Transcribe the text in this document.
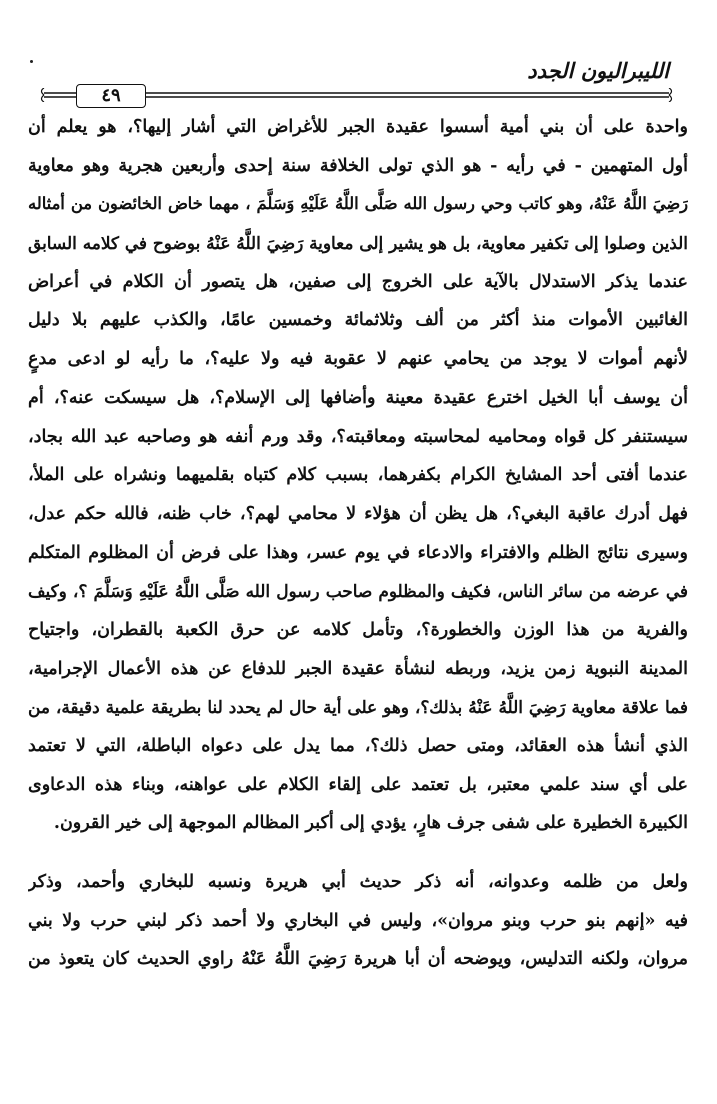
الليبراليون الجدد
٤٩
واحدة على أن بني أمية أسسوا عقيدة الجبر للأغراض التي أشار إليها؟، هو يعلم أن
أول المتهمين - في رأيه - هو الذي تولى الخلافة سنة إحدى وأربعين هجرية وهو معاوية
رَضِيَ اللَّهُ عَنْهُ، وهو كاتب وحي رسول الله صَلَّى اللَّهُ عَلَيْهِ وَسَلَّمَ ، مهما خاض الخائضون من أمثاله
الذين وصلوا إلى تكفير معاوية، بل هو يشير إلى معاوية رَضِيَ اللَّهُ عَنْهُ بوضوح في كلامه السابق
عندما يذكر الاستدلال بالآية على الخروج إلى صفين، هل يتصور أن الكلام في أعراض
الغائبين الأموات منذ أكثر من ألف وثلاثمائة وخمسين عامًا، والكذب عليهم بلا دليل
لأنهم أموات لا يوجد من يحامي عنهم لا عقوبة فيه ولا عليه؟، ما رأيه لو ادعى مدعٍ
أن يوسف أبا الخيل اخترع عقيدة معينة وأضافها إلى الإسلام؟، هل سيسكت عنه؟، أم
سيستنفر كل قواه ومحاميه لمحاسبته ومعاقبته؟، وقد ورم أنفه هو وصاحبه عبد الله بجاد،
عندما أفتى أحد المشايخ الكرام بكفرهما، بسبب كلام كتباه بقلميهما ونشراه على الملأ،
فهل أدرك عاقبة البغي؟، هل يظن أن هؤلاء لا محامي لهم؟، خاب ظنه، فالله حكم عدل،
وسيرى نتائج الظلم والافتراء والادعاء في يوم عسر، وهذا على فرض أن المظلوم المتكلم
في عرضه من سائر الناس، فكيف والمظلوم صاحب رسول الله صَلَّى اللَّهُ عَلَيْهِ وَسَلَّمَ ؟، وكيف
والفرية من هذا الوزن والخطورة؟، وتأمل كلامه عن حرق الكعبة بالقطران، واجتياح
المدينة النبوية زمن يزيد، وربطه لنشأة عقيدة الجبر للدفاع عن هذه الأعمال الإجرامية،
فما علاقة معاوية رَضِيَ اللَّهُ عَنْهُ بذلك؟، وهو على أية حال لم يحدد لنا بطريقة علمية دقيقة، من
الذي أنشأ هذه العقائد، ومتى حصل ذلك؟، مما يدل على دعواه الباطلة، التي لا تعتمد
على أي سند علمي معتبر، بل تعتمد على إلقاء الكلام على عواهنه، وبناء هذه الدعاوى
الكبيرة الخطيرة على شفى جرف هارٍ، يؤدي إلى أكبر المظالم الموجهة إلى خير القرون.
ولعل من ظلمه وعدوانه، أنه ذكر حديث أبي هريرة ونسبه للبخاري وأحمد، وذكر
فيه «إنهم بنو حرب وبنو مروان»، وليس في البخاري ولا أحمد ذكر لبني حرب ولا بني
مروان، ولكنه التدليس، ويوضحه أن أبا هريرة رَضِيَ اللَّهُ عَنْهُ راوي الحديث كان يتعوذ من
